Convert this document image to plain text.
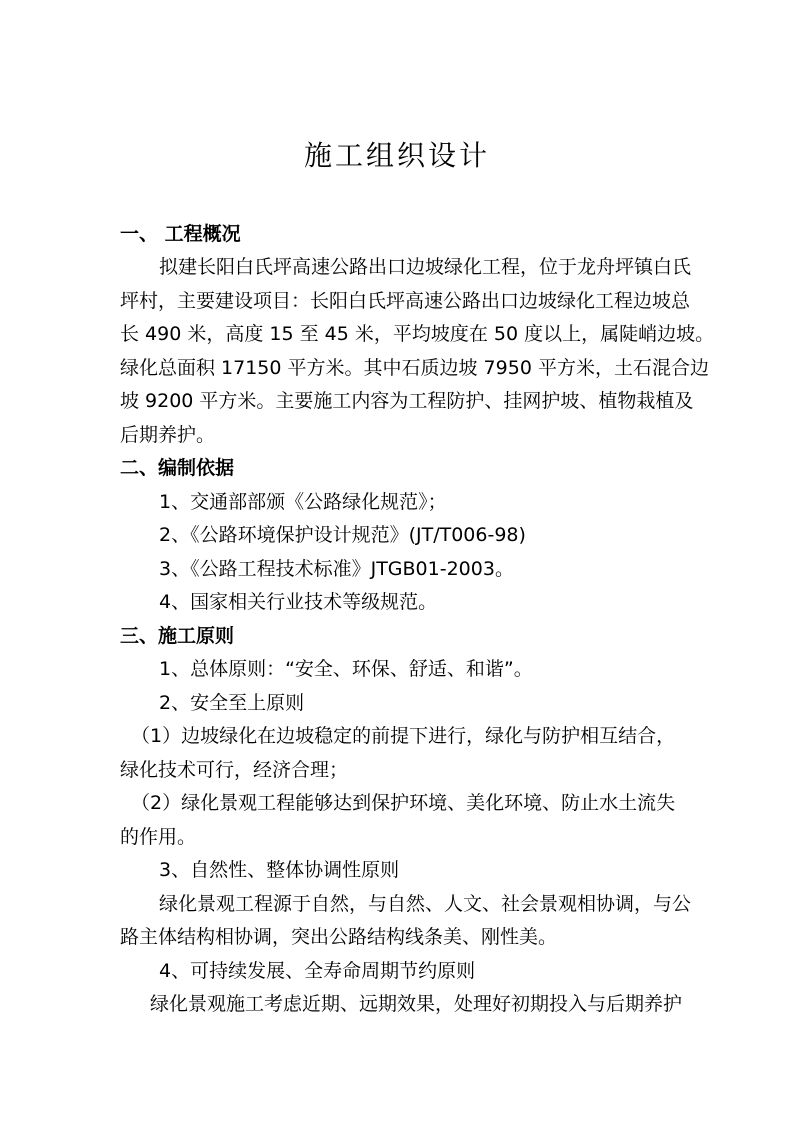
施工组织设计
一、 工程概况
拟建长阳白氏坪高速公路出口边坡绿化工程，位于龙舟坪镇白氏
坪村，主要建设项目：长阳白氏坪高速公路出口边坡绿化工程边坡总
长 490 米，高度 15 至 45 米，平均坡度在 50 度以上，属陡峭边坡。
绿化总面积 17150 平方米。其中石质边坡 7950 平方米，土石混合边
坡 9200 平方米。主要施工内容为工程防护、挂网护坡、植物栽植及
后期养护。
二、编制依据
1、交通部部颁《公路绿化规范》；
2、《公路环境保护设计规范》(JT/T006-98)
3、《公路工程技术标准》JTGB01-2003。
4、国家相关行业技术等级规范。
三、施工原则
1、总体原则：“安全、环保、舒适、和谐”。
2、安全至上原则
（1）边坡绿化在边坡稳定的前提下进行，绿化与防护相互结合，
绿化技术可行，经济合理；
（2）绿化景观工程能够达到保护环境、美化环境、防止水土流失
的作用。
3、自然性、整体协调性原则
绿化景观工程源于自然，与自然、人文、社会景观相协调，与公
路主体结构相协调，突出公路结构线条美、刚性美。
4、可持续发展、全寿命周期节约原则
绿化景观施工考虑近期、远期效果，处理好初期投入与后期养护
